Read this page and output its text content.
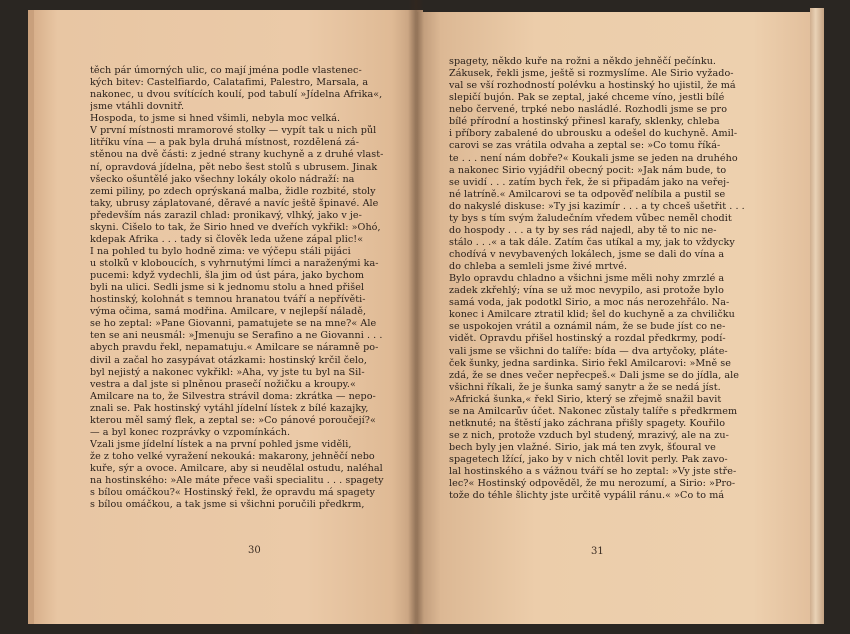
těch pár úmorných ulic, co mají jména podle vlastenec-
kých bitev: Castelfiardo, Calatafimi, Palestro, Marsala, a
nakonec, u dvou svítících koulí, pod tabulí »Jídelna Afrika«,
jsme vtáhli dovnitř.
Hospoda, to jsme si hned všimli, nebyla moc velká.
V první místnosti mramorové stolky — vypít tak u nich půl
litříku vína — a pak byla druhá místnost, rozdělená zá-
stěnou na dvě části: z jedné strany kuchyně a z druhé vlast-
ní, opravdová jídelna, pět nebo šest stolů s ubrusem. Jinak
všecko ošuntělé jako všechny lokály okolo nádraží: na
zemi piliny, po zdech oprýskaná malba, židle rozbité, stoly
taky, ubrusy záplatované, děravé a navíc ještě špinavé. Ale
především nás zarazil chlad: pronikavý, vlhký, jako v je-
skyni. Čišelo to tak, že Sirio hned ve dveřích vykřikl: »Ohó,
kdepak Afrika . . . tady si člověk leda užene zápal plic!«
I na pohled tu bylo hodně zima: ve výčepu stáli pijáci
u stolků v kloboucích, s vyhrnutými límci a naraženými ka-
pucemi: když vydechli, šla jim od úst pára, jako bychom
byli na ulici. Sedli jsme si k jednomu stolu a hned přišel
hostinský, kolohnát s temnou hranatou tváří a nepřívěti-
výma očima, samá modřina. Amilcare, v nejlepší náladě,
se ho zeptal: »Pane Giovanni, pamatujete se na mne?« Ale
ten se ani neusmál: »Jmenuju se Serafino a ne Giovanni . . .
abych pravdu řekl, nepamatuju.« Amilcare se náramně po-
divil a začal ho zasypávat otázkami: hostinský krčil čelo,
byl nejistý a nakonec vykřikl: »Aha, vy jste tu byl na Sil-
vestra a dal jste si plněnou prasečí nožičku a kroupy.«
Amilcare na to, že Silvestra strávil doma: zkrátka — nepo-
znali se. Pak hostinský vytáhl jídelní lístek z bílé kazajky,
kterou měl samý flek, a zeptal se: »Co pánové poroučejí?«
— a byl konec rozprávky o vzpomínkách.
Vzali jsme jídelní lístek a na první pohled jsme viděli,
že z toho velké vyražení nekouká: makarony, jehněčí nebo
kuře, sýr a ovoce. Amilcare, aby si neudělal ostudu, naléhal
na hostinského: »Ale máte přece vaši specialitu . . . spagety
s bílou omáčkou?« Hostinský řekl, že opravdu má spagety
s bílou omáčkou, a tak jsme si všichni poručili předkrm,
30
spagety, někdo kuře na rožni a někdo jehněčí pečínku.
Zákusek, řekli jsme, ještě si rozmyslíme. Ale Sirio vyžado-
val se vší rozhodností polévku a hostinský ho ujistil, že má
slepičí bujón. Pak se zeptal, jaké chceme víno, jestli bílé
nebo červené, trpké nebo nasládlé. Rozhodli jsme se pro
bílé přírodní a hostinský přinesl karafy, sklenky, chleba
i příbory zabalené do ubrousku a odešel do kuchyně. Amil-
carovi se zas vrátila odvaha a zeptal se: »Co tomu říká-
te . . . není nám dobře?« Koukali jsme se jeden na druhého
a nakonec Sirio vyjádřil obecný pocit: »Jak nám bude, to
se uvidí . . . zatím bych řek, že si připadám jako na veřej-
né latríně.« Amilcarovi se ta odpověď nelíbila a pustil se
do nakyslé diskuse: »Ty jsi kazimír . . . a ty chceš ušetřit . . .
ty bys s tím svým žaludečním vředem vůbec neměl chodit
do hospody . . . a ty by ses rád najedl, aby tě to nic ne-
stálo . . .« a tak dále. Zatím čas utíkal a my, jak to vždycky
chodívá v nevybavených lokálech, jsme se dali do vína a
do chleba a semleli jsme živé mrtvé.
Bylo opravdu chladno a všichni jsme měli nohy zmrzlé a
zadek zkřehlý; vína se už moc nevypilo, asi protože bylo
samá voda, jak podotkl Sirio, a moc nás nerozehřálo. Na-
konec i Amilcare ztratil klid; šel do kuchyně a za chviličku
se uspokojen vrátil a oznámil nám, že se bude jíst co ne-
vidět. Opravdu přišel hostinský a rozdal předkrmy, podí-
vali jsme se všichni do talíře: bída — dva artyčoky, pláte-
ček šunky, jedna sardinka. Sirio řekl Amilcarovi: »Mně se
zdá, že se dnes večer nepřecpeš.« Dali jsme se do jídla, ale
všichni říkali, že je šunka samý sanytr a že se nedá jíst.
»Africká šunka,« řekl Sirio, který se zřejmě snažil bavit
se na Amilcarův účet. Nakonec zůstaly talíře s předkrmem
netknuté; na štěstí jako záchrana přišly spagety. Kouřilo
se z nich, protože vzduch byl studený, mrazivý, ale na zu-
bech byly jen vlažné. Sirio, jak má ten zvyk, šťoural ve
spagetech lžící, jako by v nich chtěl lovit perly. Pak zavo-
lal hostinského a s vážnou tváří se ho zeptal: »Vy jste stře-
lec?« Hostinský odpověděl, že mu nerozumí, a Sirio: »Pro-
tože do téhle šlichty jste určitě vypálil ránu.« »Co to má
31
